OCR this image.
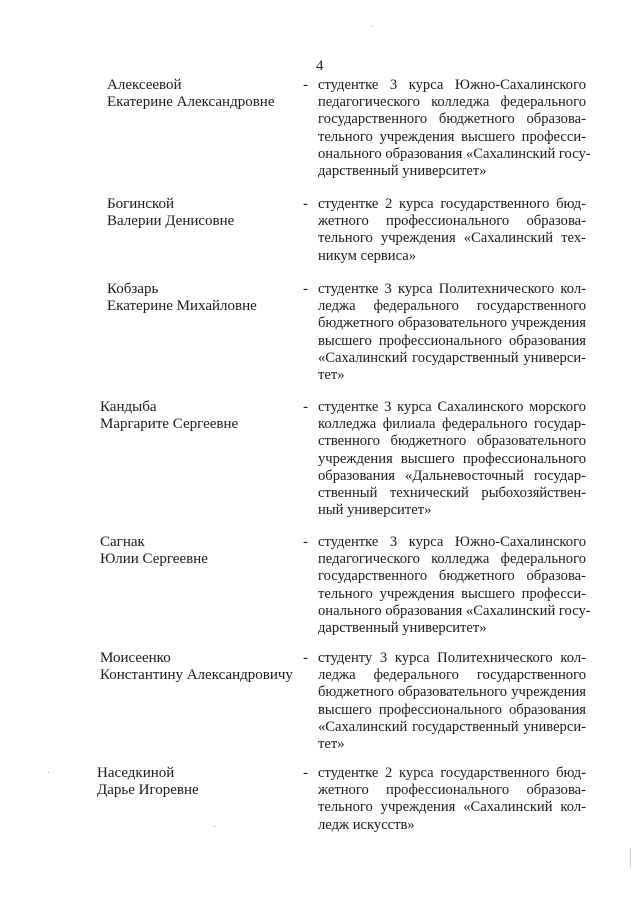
4
Алексеевой
Екатерине Александровне
- студентке 3 курса Южно-Сахалинского
педагогического колледжа федерального
государственного бюджетного образова-
тельного учреждения высшего професси-
онального образования «Сахалинский госу-
дарственный университет»
Богинской
Валерии Денисовне
- студентке 2 курса государственного бюд-
жетного профессионального образова-
тельного учреждения «Сахалинский тех-
никум сервиса»
Кобзарь
Екатерине Михайловне
- студентке 3 курса Политехнического кол-
леджа федерального государственного
бюджетного образовательного учреждения
высшего профессионального образования
«Сахалинский государственный универси-
тет»
Кандыба
Маргарите Сергеевне
- студентке 3 курса Сахалинского морского
колледжа филиала федерального государ-
ственного бюджетного образовательного
учреждения высшего профессионального
образования «Дальневосточный государ-
ственный технический рыбохозяйствен-
ный университет»
Сагнак
Юлии Сергеевне
- студентке 3 курса Южно-Сахалинского
педагогического колледжа федерального
государственного бюджетного образова-
тельного учреждения высшего професси-
онального образования «Сахалинский госу-
дарственный университет»
Моисеенко
Константину Александровичу
- студенту 3 курса Политехнического кол-
леджа федерального государственного
бюджетного образовательного учреждения
высшего профессионального образования
«Сахалинский государственный универси-
тет»
Наседкиной
Дарье Игоревне
- студентке 2 курса государственного бюд-
жетного профессионального образова-
тельного учреждения «Сахалинский кол-
ледж искусств»
